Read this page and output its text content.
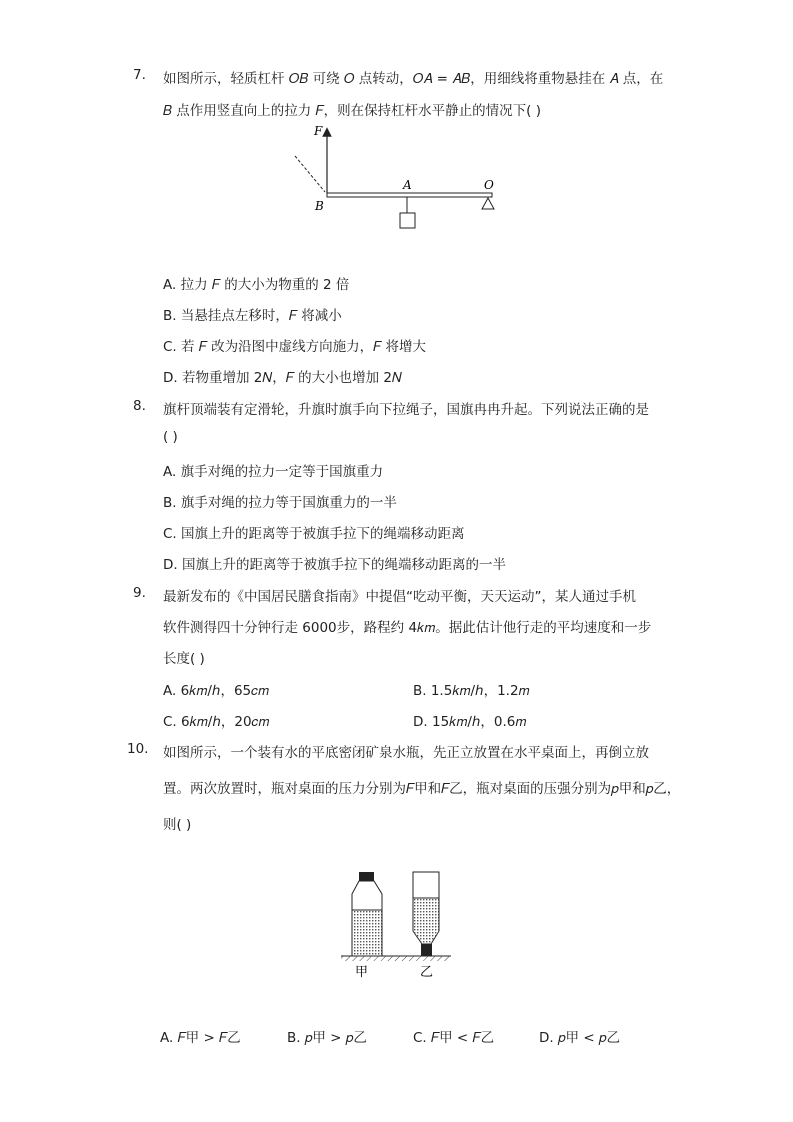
7. 如图所示，轻质杠杆 𝑂𝐵 可绕 𝑂 点转动，𝑂𝐴 = 𝐴𝐵，用细线将重物悬挂在 𝐴 点，在
𝐵 点作用竖直向上的拉力 𝐹，则在保持杠杆水平静止的情况下( )
F
B
A	O
A. 拉力 𝐹 的大小为物重的 2 倍
B. 当悬挂点左移时，𝐹 将减小
C. 若 𝐹 改为沿图中虚线方向施力，𝐹 将增大
D. 若物重增加 2𝑁，𝐹 的大小也增加 2𝑁
8. 旗杆顶端装有定滑轮，升旗时旗手向下拉绳子，国旗冉冉升起。下列说法正确的是
( )
A. 旗手对绳的拉力一定等于国旗重力
B. 旗手对绳的拉力等于国旗重力的一半
C. 国旗上升的距离等于被旗手拉下的绳端移动距离
D. 国旗上升的距离等于被旗手拉下的绳端移动距离的一半
9. 最新发布的《中国居民膳食指南》中提倡“吃动平衡，天天运动”，某人通过手机
软件测得四十分钟行走 6000步，路程约 4𝑘𝑚。据此估计他行走的平均速度和一步
长度( )
A. 6𝑘𝑚/ℎ，65𝑐𝑚	B. 1.5𝑘𝑚/ℎ，1.2𝑚
C. 6𝑘𝑚/ℎ，20𝑐𝑚	D. 15𝑘𝑚/ℎ，0.6𝑚
10. 如图所示，一个装有水的平底密闭矿泉水瓶，先正立放置在水平桌面上，再倒立放
置。两次放置时，瓶对桌面的压力分别为𝐹甲和𝐹乙，瓶对桌面的压强分别为𝑝甲和𝑝乙，
则( )
甲	乙
A. 𝐹甲 > 𝐹乙	B. 𝑝甲 > 𝑝乙	C. 𝐹甲 < 𝐹乙	D. 𝑝甲 < 𝑝乙
